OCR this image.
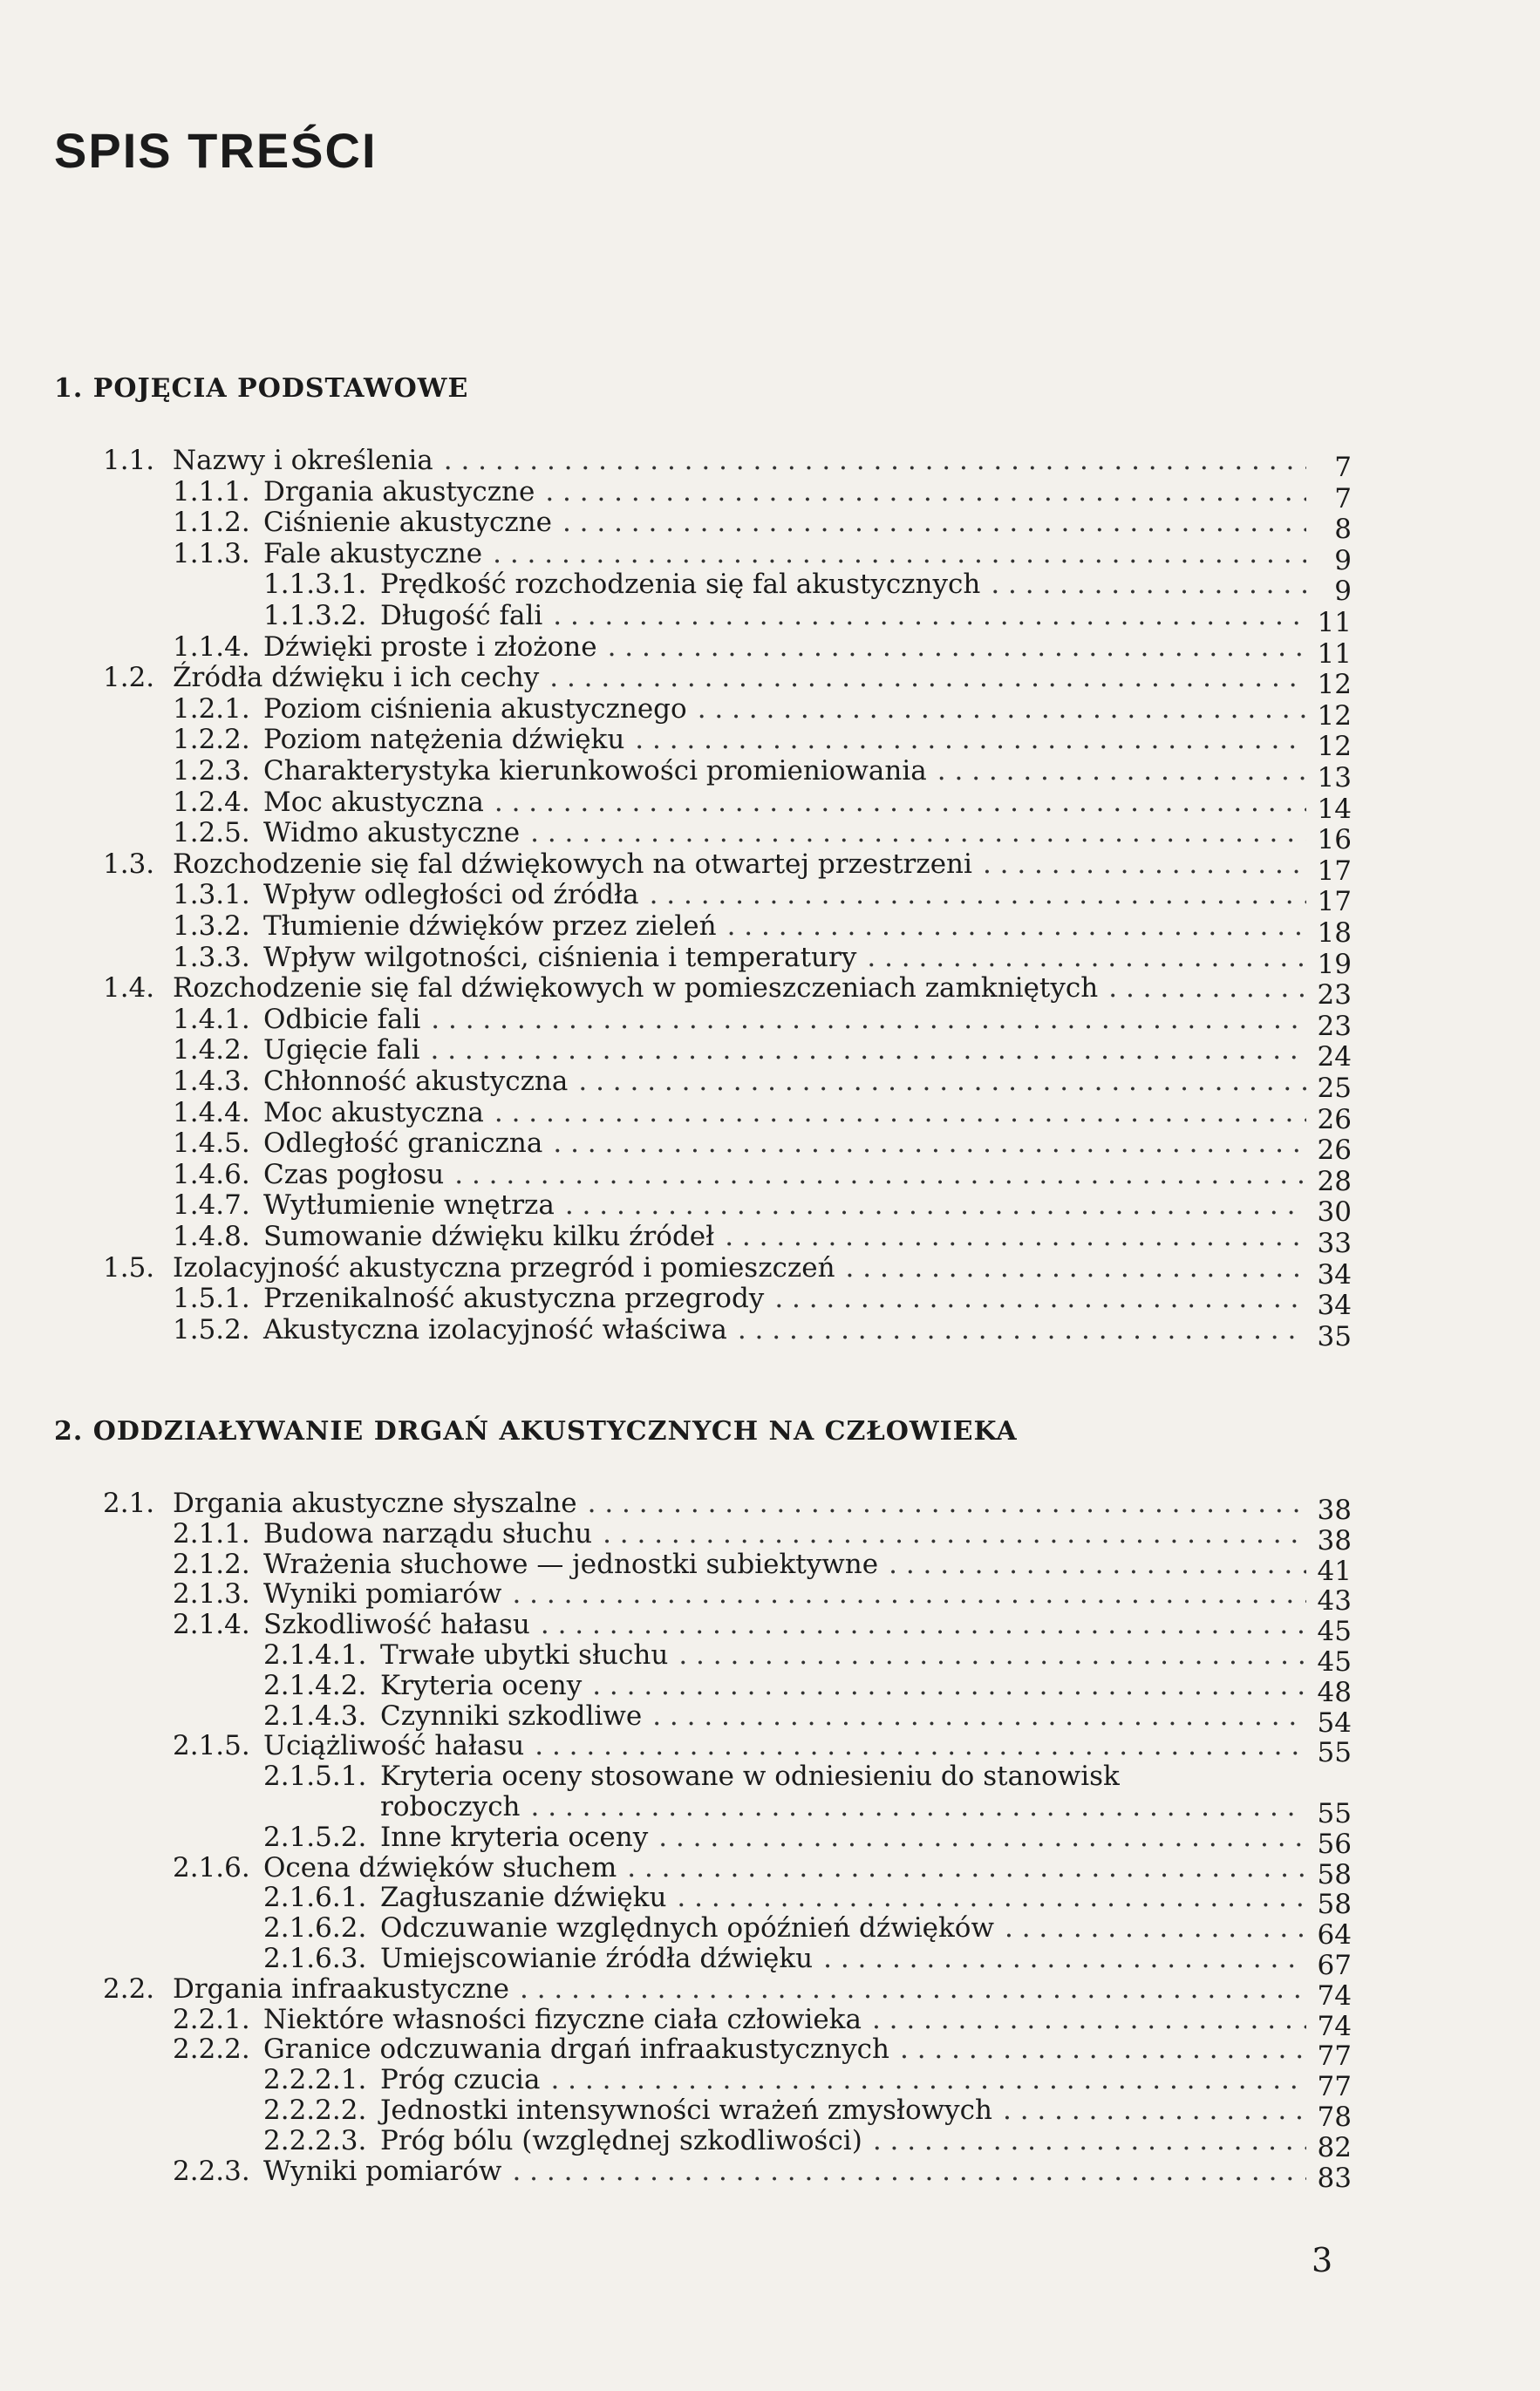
SPIS TREŚCI
1. POJĘCIA PODSTAWOWE
1.1. Nazwy i określenia . . .	7
1.1.1. Drgania akustyczne . . .	7
1.1.2. Ciśnienie akustyczne . . .	8
1.1.3. Fale akustyczne . . .	9
1.1.3.1. Prędkość rozchodzenia się fal akustycznych . . .	9
1.1.3.2. Długość fali . . .	11
1.1.4. Dźwięki proste i złożone . . .	11
1.2. Źródła dźwięku i ich cechy . . .	12
1.2.1. Poziom ciśnienia akustycznego . . .	12
1.2.2. Poziom natężenia dźwięku . . .	12
1.2.3. Charakterystyka kierunkowości promieniowania . . .	13
1.2.4. Moc akustyczna . . .	14
1.2.5. Widmo akustyczne . . .	16
1.3. Rozchodzenie się fal dźwiękowych na otwartej przestrzeni . . .	17
1.3.1. Wpływ odległości od źródła . . .	17
1.3.2. Tłumienie dźwięków przez zieleń . . .	18
1.3.3. Wpływ wilgotności, ciśnienia i temperatury . . .	19
1.4. Rozchodzenie się fal dźwiękowych w pomieszczeniach zamkniętych . . .	23
1.4.1. Odbicie fali . . .	23
1.4.2. Ugięcie fali . . .	24
1.4.3. Chłonność akustyczna . . .	25
1.4.4. Moc akustyczna . . .	26
1.4.5. Odległość graniczna . . .	26
1.4.6. Czas pogłosu . . .	28
1.4.7. Wytłumienie wnętrza . . .	30
1.4.8. Sumowanie dźwięku kilku źródeł . . .	33
1.5. Izolacyjność akustyczna przegród i pomieszczeń . . .	34
1.5.1. Przenikalność akustyczna przegrody . . .	34
1.5.2. Akustyczna izolacyjność właściwa . . .	35
2. ODDZIAŁYWANIE DRGAŃ AKUSTYCZNYCH NA CZŁOWIEKA
2.1. Drgania akustyczne słyszalne . . .	38
2.1.1. Budowa narządu słuchu . . .	38
2.1.2. Wrażenia słuchowe — jednostki subiektywne . . .	41
2.1.3. Wyniki pomiarów . . .	43
2.1.4. Szkodliwość hałasu . . .	45
2.1.4.1. Trwałe ubytki słuchu . . .	45
2.1.4.2. Kryteria oceny . . .	48
2.1.4.3. Czynniki szkodliwe . . .	54
2.1.5. Uciążliwość hałasu . . .	55
2.1.5.1. Kryteria oceny stosowane w odniesieniu do stanowisk
roboczych . . .	55
2.1.5.2. Inne kryteria oceny . . .	56
2.1.6. Ocena dźwięków słuchem . . .	58
2.1.6.1. Zagłuszanie dźwięku . . .	58
2.1.6.2. Odczuwanie względnych opóźnień dźwięków . . .	64
2.1.6.3. Umiejscowianie źródła dźwięku . . .	67
2.2. Drgania infraakustyczne . . .	74
2.2.1. Niektóre własności fizyczne ciała człowieka . . .	74
2.2.2. Granice odczuwania drgań infraakustycznych . . .	77
2.2.2.1. Próg czucia . . .	77
2.2.2.2. Jednostki intensywności wrażeń zmysłowych . . .	78
2.2.2.3. Próg bólu (względnej szkodliwości) . . .	82
2.2.3. Wyniki pomiarów . . .	83
3
